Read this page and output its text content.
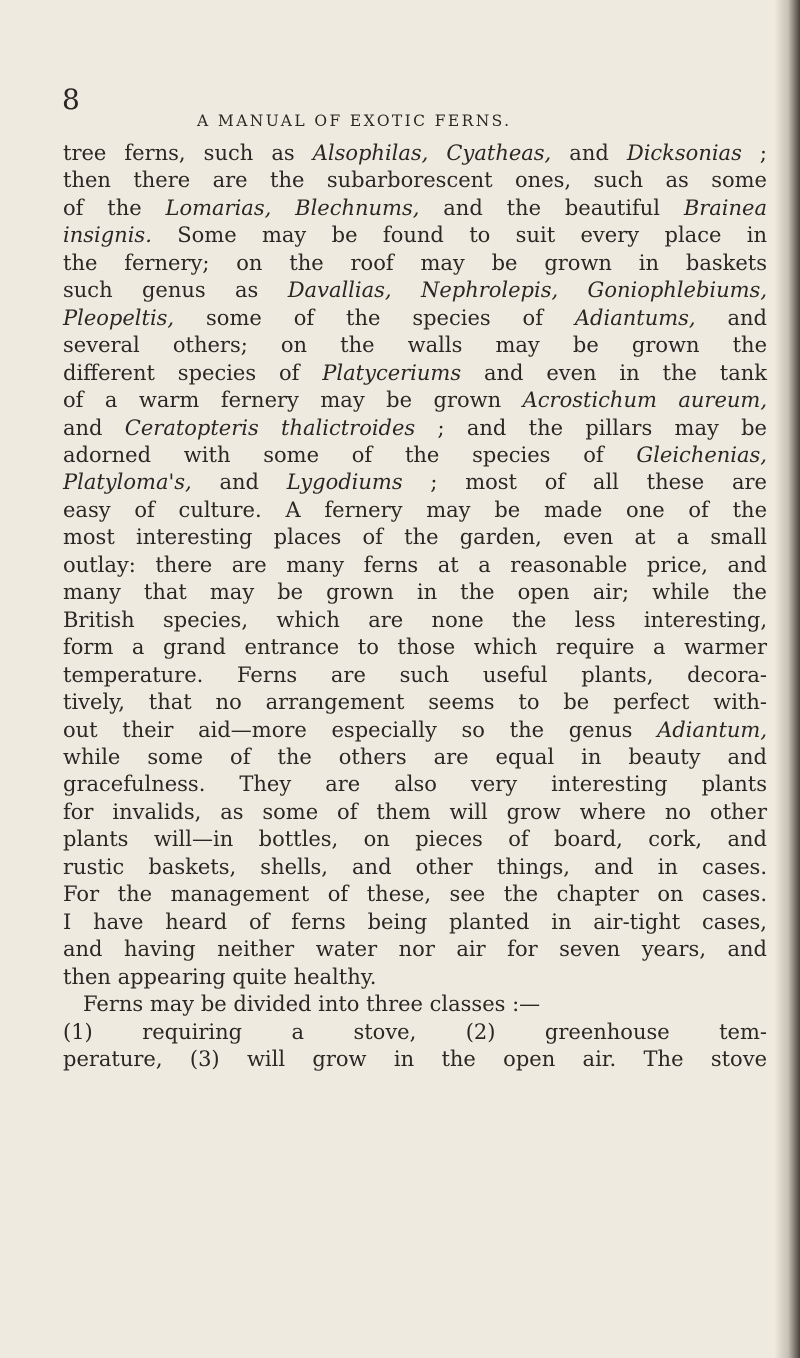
8
A MANUAL OF EXOTIC FERNS.
tree ferns, such as Alsophilas, Cyatheas, and Dicksonias ;
then there are the subarborescent ones, such as some
of the Lomarias, Blechnums, and the beautiful Brainea
insignis. Some may be found to suit every place in
the fernery; on the roof may be grown in baskets
such genus as Davallias, Nephrolepis, Goniophlebiums,
Pleopeltis, some of the species of Adiantums, and
several others; on the walls may be grown the
different species of Platyceriums and even in the tank
of a warm fernery may be grown Acrostichum aureum,
and Ceratopteris thalictroides ; and the pillars may be
adorned with some of the species of Gleichenias,
Platyloma's, and Lygodiums ; most of all these are
easy of culture. A fernery may be made one of the
most interesting places of the garden, even at a small
outlay: there are many ferns at a reasonable price, and
many that may be grown in the open air; while the
British species, which are none the less interesting,
form a grand entrance to those which require a warmer
temperature. Ferns are such useful plants, decora-
tively, that no arrangement seems to be perfect with-
out their aid—more especially so the genus Adiantum,
while some of the others are equal in beauty and
gracefulness. They are also very interesting plants
for invalids, as some of them will grow where no other
plants will—in bottles, on pieces of board, cork, and
rustic baskets, shells, and other things, and in cases.
For the management of these, see the chapter on cases.
I have heard of ferns being planted in air-tight cases,
and having neither water nor air for seven years, and
then appearing quite healthy.
Ferns may be divided into three classes :—
(1) requiring a stove, (2) greenhouse tem-
perature, (3) will grow in the open air. The stove
